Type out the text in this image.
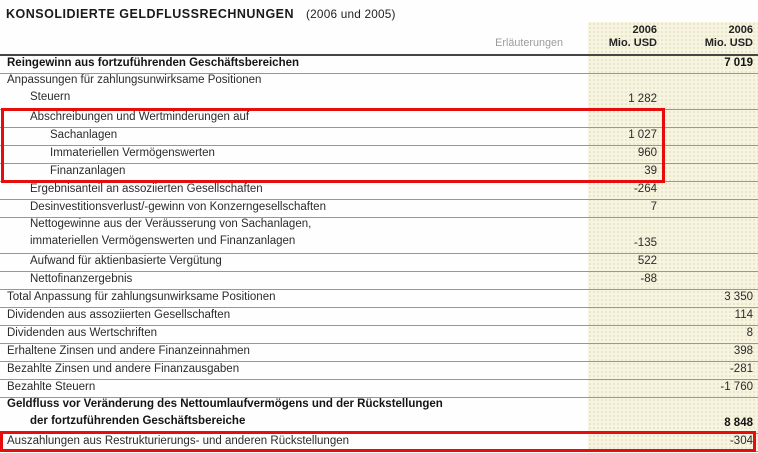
KONSOLIDIERTE GELDFLUSSRECHNUNGEN (2006 und 2005)
Erläuterungen
2006
Mio. USD
2006
Mio. USD
Reingewinn aus fortzuführenden Geschäftsbereichen	7 019
Anpassungen für zahlungsunwirksame Positionen
Steuern	1 282
Abschreibungen und Wertminderungen auf
Sachanlagen	1 027
Immateriellen Vermögenswerten	960
Finanzanlagen	39
Ergebnisanteil an assoziierten Gesellschaften	-264
Desinvestitionsverlust/-gewinn von Konzerngesellschaften	7
Nettogewinne aus der Veräusserung von Sachanlagen,
immateriellen Vermögenswerten und Finanzanlagen	-135
Aufwand für aktienbasierte Vergütung	522
Nettofinanzergebnis	-88
Total Anpassung für zahlungsunwirksame Positionen	3 350
Dividenden aus assoziierten Gesellschaften	114
Dividenden aus Wertschriften	8
Erhaltene Zinsen und andere Finanzeinnahmen	398
Bezahlte Zinsen und andere Finanzausgaben	-281
Bezahlte Steuern	-1 760
Geldfluss vor Veränderung des Nettoumlaufvermögens und der Rückstellungen
der fortzuführenden Geschäftsbereiche	8 848
Auszahlungen aus Restrukturierungs- und anderen Rückstellungen	-304
